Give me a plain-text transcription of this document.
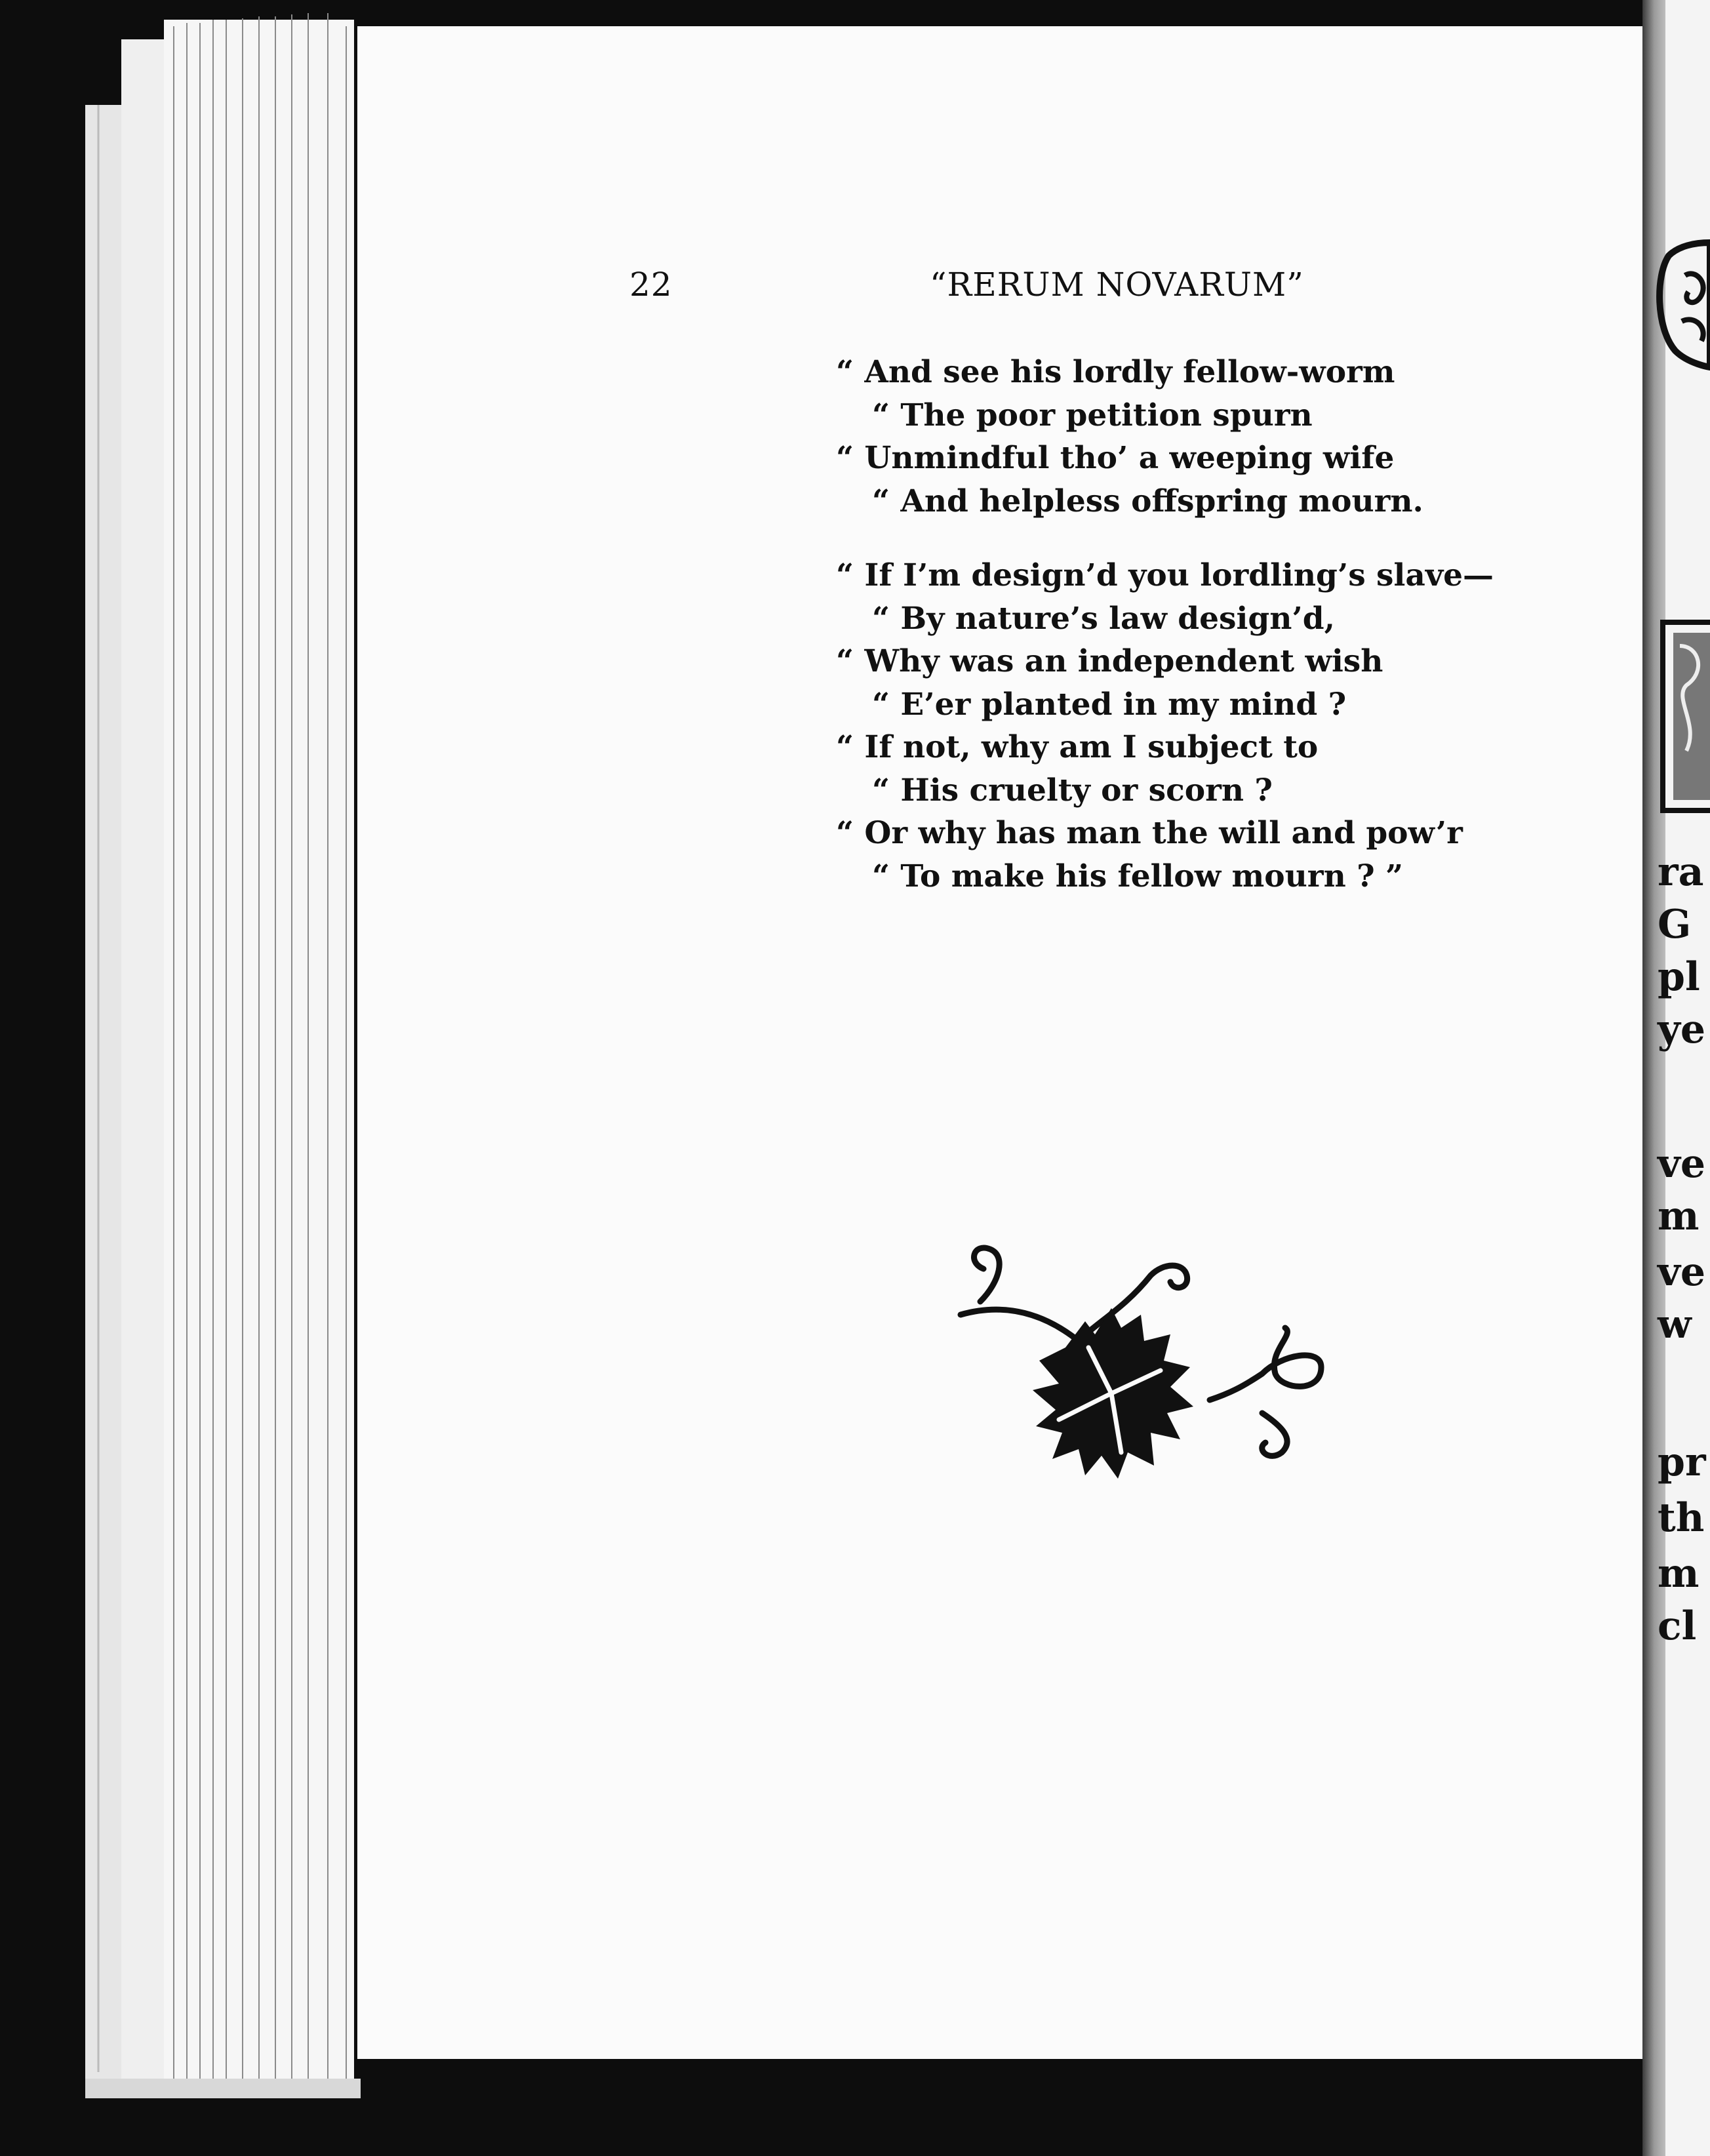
22	“RERUM NOVARUM”
“ And see his lordly fellow-worm
“ The poor petition spurn
“ Unmindful tho’ a weeping wife
“ And helpless offspring mourn.
“ If I’m design’d you lordling’s slave—
“ By nature’s law design’d,
“ Why was an independent wish
“ E’er planted in my mind ?
“ If not, why am I subject to
“ His cruelty or scorn ?
“ Or why has man the will and pow’r
“ To make his fellow mourn ? ”	ra
G
pl
ye
ve
m
ve
w
pr
th
m
cl
